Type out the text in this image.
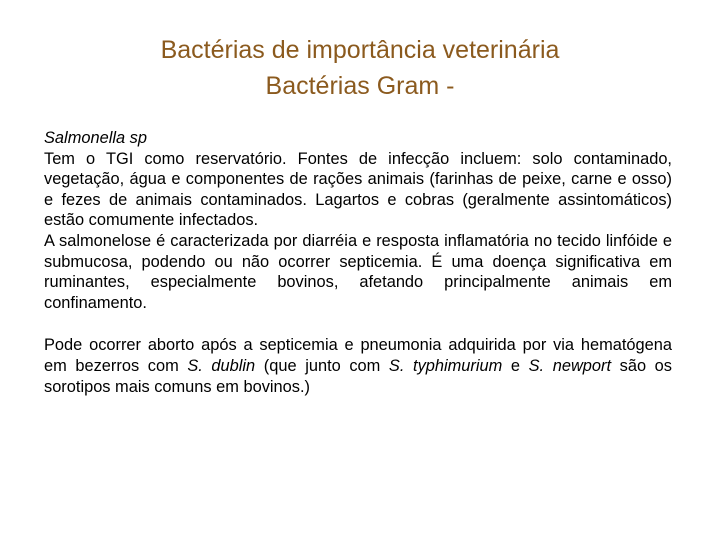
Bactérias de importância veterinária
Bactérias Gram -

Salmonella sp

Tem o TGI como reservatório. Fontes de infecção incluem: solo contaminado, vegetação, água e componentes de rações animais (farinhas de peixe, carne e osso) e fezes de animais contaminados. Lagartos e cobras (geralmente assintomáticos) estão comumente infectados.

A salmonelose é caracterizada por diarréia e resposta inflamatória no tecido linfóide e submucosa, podendo ou não ocorrer septicemia. É uma doença significativa em ruminantes, especialmente bovinos, afetando principalmente animais em confinamento.

Pode ocorrer aborto após a septicemia e pneumonia adquirida por via hematógena em bezerros com S. dublin (que junto com S. typhimurium e S. newport são os sorotipos mais comuns em bovinos.)
